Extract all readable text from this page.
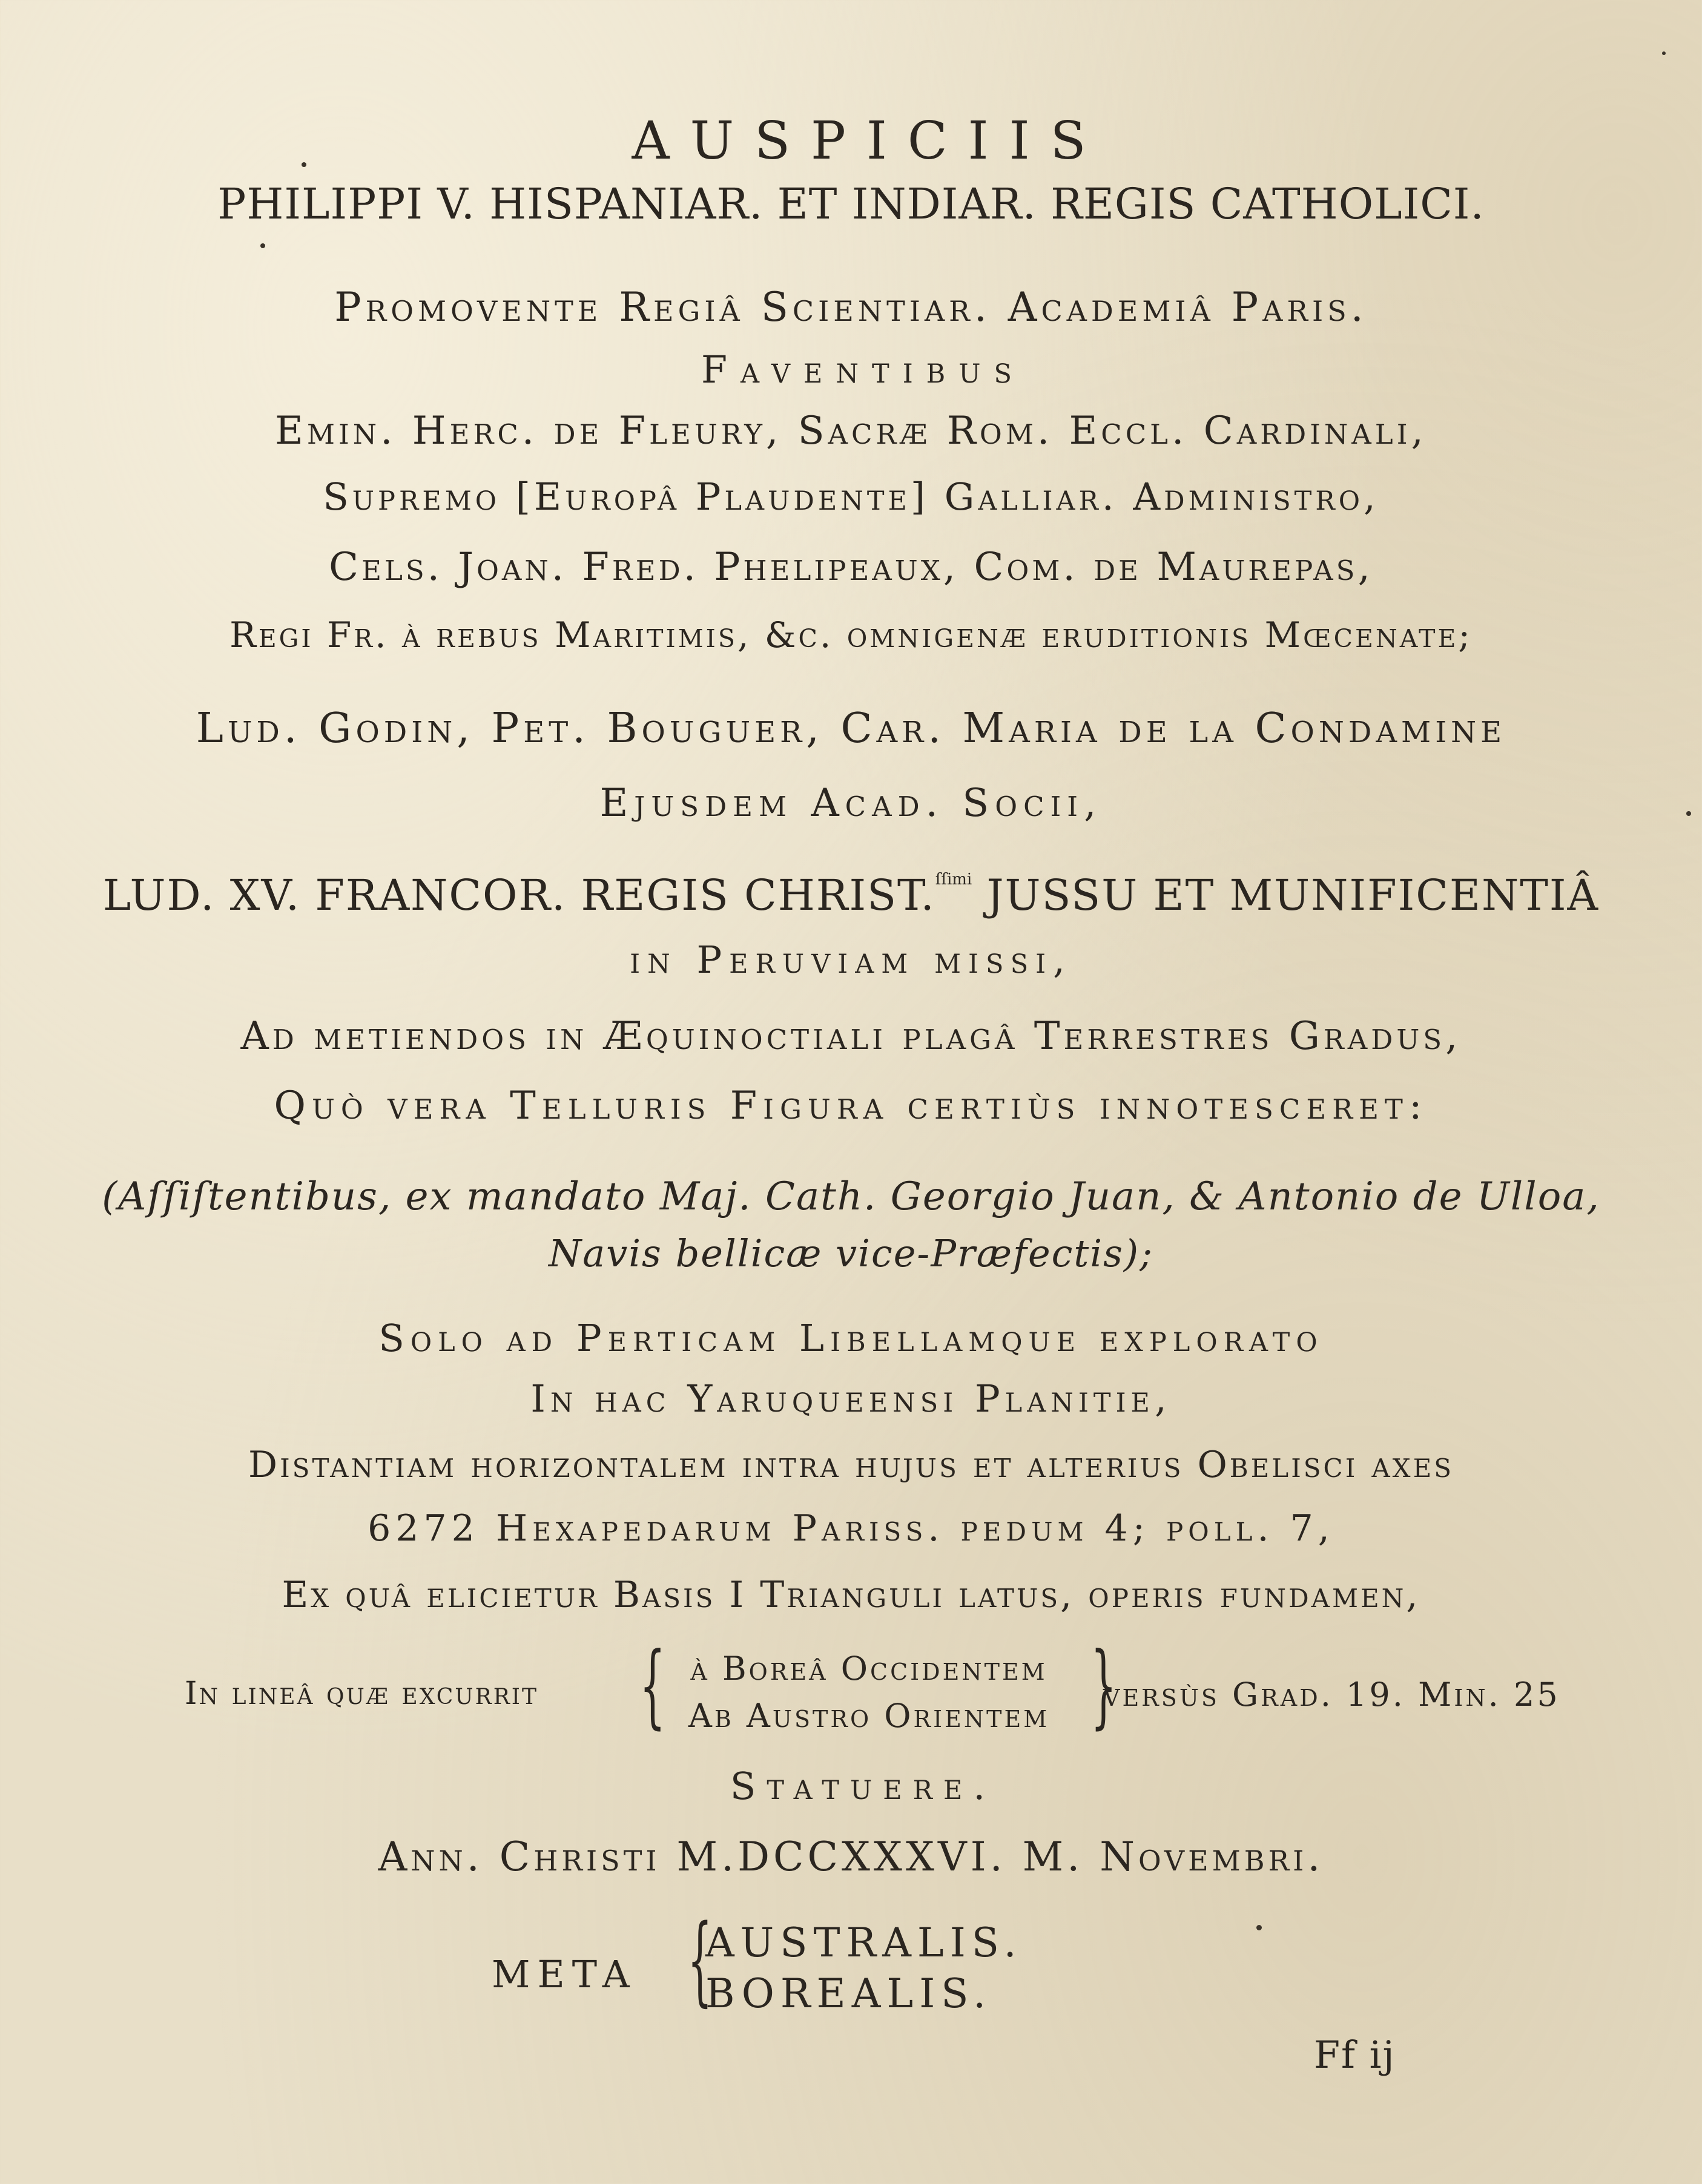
AUSPICIIS
PHILIPPI V. HISPANIAR. ET INDIAR. REGIS CATHOLICI.
Promovente Regiâ Scientiar. Academiâ Paris.
Faventibus
Emin. Herc. de Fleury, Sacræ Rom. Eccl. Cardinali,
Supremo [Europâ Plaudente] Galliar. Administro,
Cels. Joan. Fred. Phelipeaux, Com. de Maurepas,
Regi Fr. à rebus Maritimis, &c. omnigenæ eruditionis Mœcenate;
Lud. Godin, Pet. Bouguer, Car. Maria de la Condamine
Ejusdem Acad. Socii,
LUD. XV. FRANCOR. REGIS CHRIST.$^{ſſimi}$ JUSSU ET MUNIFICENTIÂ
in Peruviam missi,
Ad metiendos in Æquinoctiali plagâ Terrestres Gradus,
Quò vera Telluris Figura certiùs innotesceret:
(Aſſiſtentibus, ex mandato Maj. Cath. Georgio Juan, & Antonio de Ulloa,
Navis bellicæ vice-Præfectis);
Solo ad Perticam Libellamque explorato
In hac Yaruqueensi Planitie,
Distantiam horizontalem intra hujus et alterius Obelisci axes
6272 Hexapedarum Pariss. pedum 4; poll. 7,
Ex quâ elicietur Basis I Trianguli latus, operis fundamen,
In lineâ quæ excurrit { à Boreâ Occidentem
Ab Austro Orientem }
versùs Grad. 19. Min. 25
Statuere.
Ann. Christi M.DCCXXXVI. M. Novembri.
META {
AUSTRALIS.
BOREALIS.
Ff ij
